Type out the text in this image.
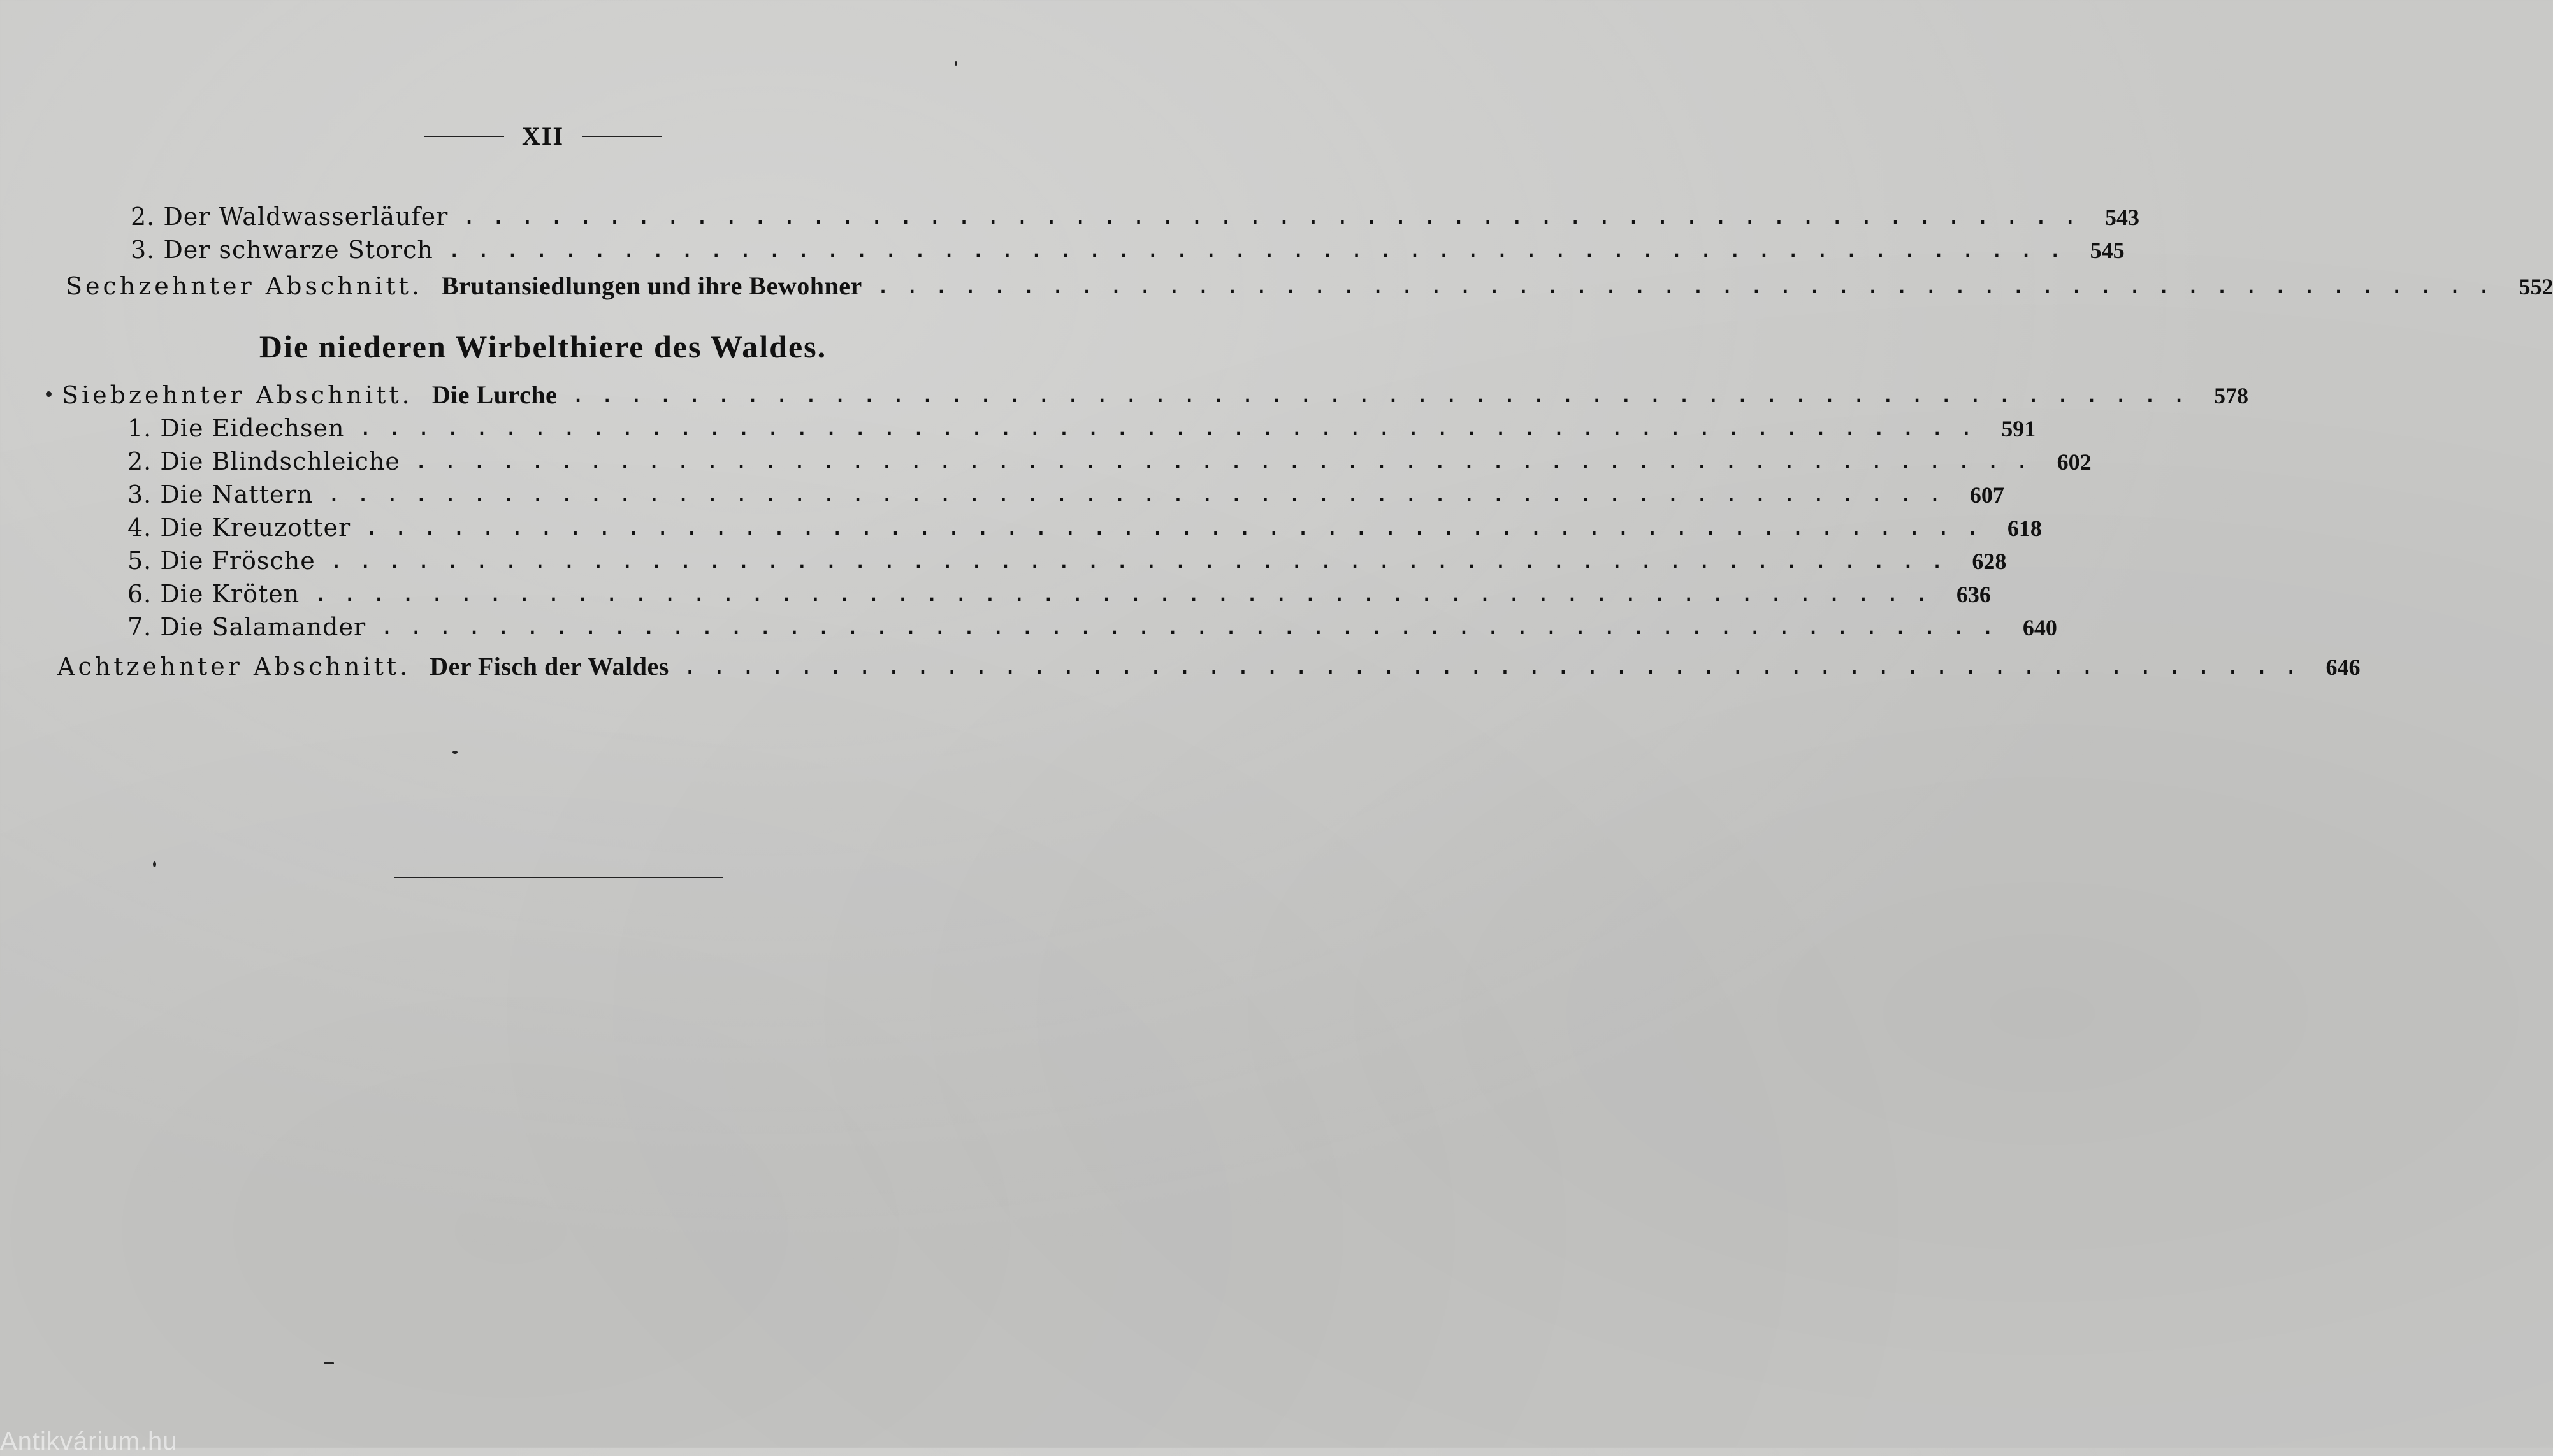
XII
2. Der Waldwasserläufer ........................................................ 543
3. Der schwarze Storch ........................................................ 545
Sechzehnter Abschnitt. Brutansiedlungen und ihre Bewohner ........................................................ 552
Die niederen Wirbelthiere des Waldes.
Siebzehnter Abschnitt. Die Lurche ........................................................ 578
1. Die Eidechsen ........................................................ 591
2. Die Blindschleiche ........................................................ 602
3. Die Nattern ........................................................ 607
4. Die Kreuzotter ........................................................ 618
5. Die Frösche ........................................................ 628
6. Die Kröten ........................................................ 636
7. Die Salamander ........................................................ 640
Achtzehnter Abschnitt. Der Fisch der Waldes ........................................................ 646
Antikvárium.hu
